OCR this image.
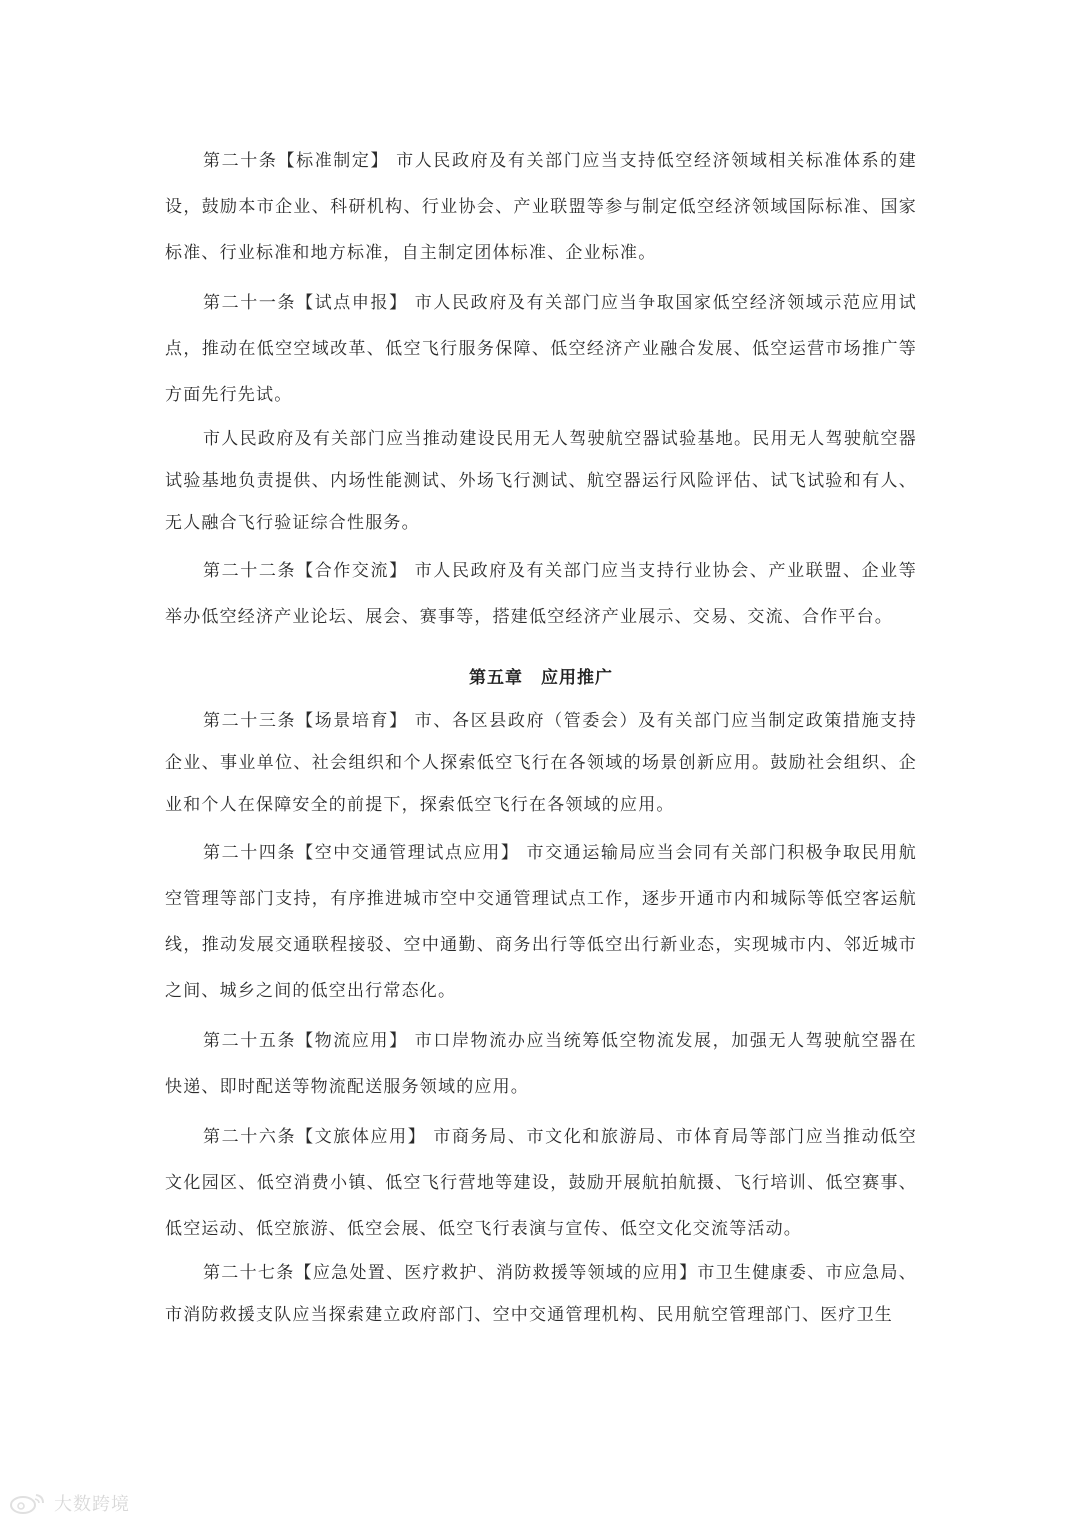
第二十条【标准制定】 市人民政府及有关部门应当支持低空经济领域相关标准体系的建设，鼓励本市企业、科研机构、行业协会、产业联盟等参与制定低空经济领域国际标准、国家标准、行业标准和地方标准，自主制定团体标准、企业标准。

第二十一条【试点申报】 市人民政府及有关部门应当争取国家低空经济领域示范应用试点，推动在低空空域改革、低空飞行服务保障、低空经济产业融合发展、低空运营市场推广等方面先行先试。

市人民政府及有关部门应当推动建设民用无人驾驶航空器试验基地。民用无人驾驶航空器试验基地负责提供、内场性能测试、外场飞行测试、航空器运行风险评估、试飞试验和有人、无人融合飞行验证综合性服务。

第二十二条【合作交流】 市人民政府及有关部门应当支持行业协会、产业联盟、企业等举办低空经济产业论坛、展会、赛事等，搭建低空经济产业展示、交易、交流、合作平台。

第五章　应用推广

第二十三条【场景培育】 市、各区县政府（管委会）及有关部门应当制定政策措施支持企业、事业单位、社会组织和个人探索低空飞行在各领域的场景创新应用。鼓励社会组织、企业和个人在保障安全的前提下，探索低空飞行在各领域的应用。

第二十四条【空中交通管理试点应用】 市交通运输局应当会同有关部门积极争取民用航空管理等部门支持，有序推进城市空中交通管理试点工作，逐步开通市内和城际等低空客运航线，推动发展交通联程接驳、空中通勤、商务出行等低空出行新业态，实现城市内、邻近城市之间、城乡之间的低空出行常态化。

第二十五条【物流应用】 市口岸物流办应当统筹低空物流发展，加强无人驾驶航空器在快递、即时配送等物流配送服务领域的应用。

第二十六条【文旅体应用】 市商务局、市文化和旅游局、市体育局等部门应当推动低空文化园区、低空消费小镇、低空飞行营地等建设，鼓励开展航拍航摄、飞行培训、低空赛事、低空运动、低空旅游、低空会展、低空飞行表演与宣传、低空文化交流等活动。

第二十七条【应急处置、医疗救护、消防救援等领域的应用】市卫生健康委、市应急局、市消防救援支队应当探索建立政府部门、空中交通管理机构、民用航空管理部门、医疗卫生

大数跨境
